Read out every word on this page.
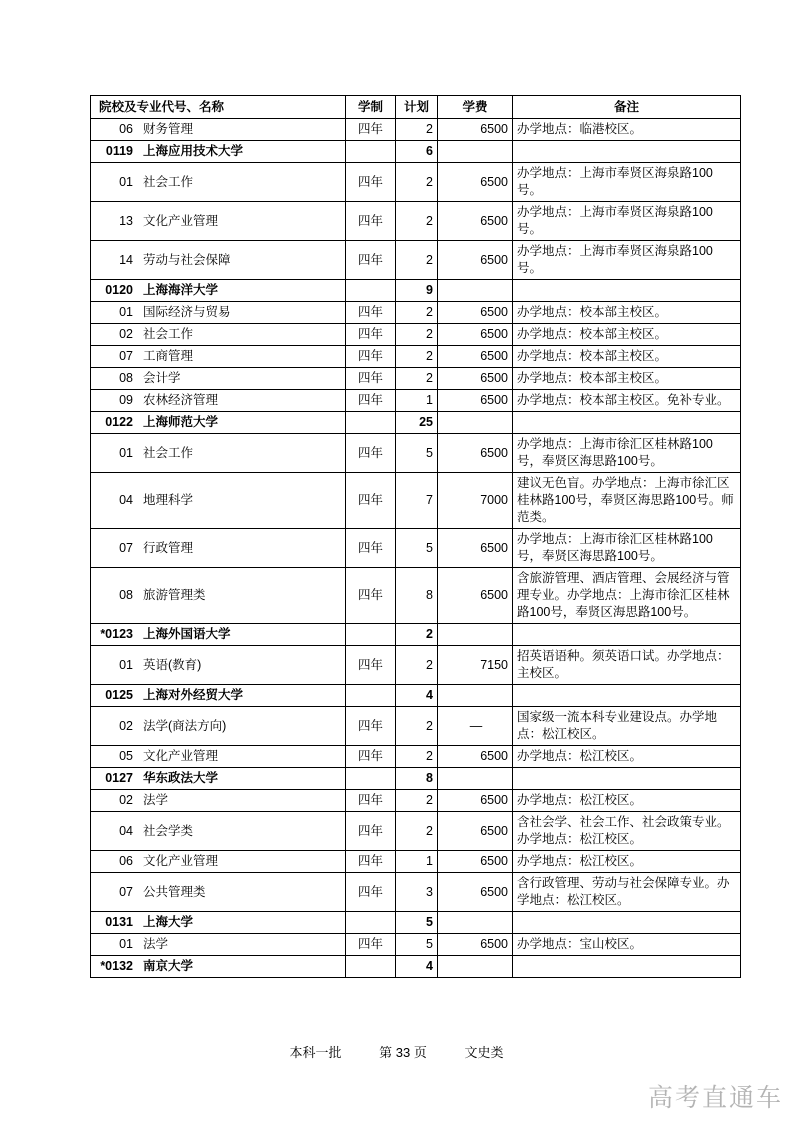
院校及专业代号、名称	学制	计划	学费	备注
06 财务管理	四年	2	6500	办学地点：临港校区。
0119 上海应用技术大学		6		
01 社会工作	四年	2	6500	办学地点：上海市奉贤区海泉路100号。
13 文化产业管理	四年	2	6500	办学地点：上海市奉贤区海泉路100号。
14 劳动与社会保障	四年	2	6500	办学地点：上海市奉贤区海泉路100号。
0120 上海海洋大学		9		
01 国际经济与贸易	四年	2	6500	办学地点：校本部主校区。
02 社会工作	四年	2	6500	办学地点：校本部主校区。
07 工商管理	四年	2	6500	办学地点：校本部主校区。
08 会计学	四年	2	6500	办学地点：校本部主校区。
09 农林经济管理	四年	1	6500	办学地点：校本部主校区。免补专业。
0122 上海师范大学		25		
01 社会工作	四年	5	6500	办学地点：上海市徐汇区桂林路100号，奉贤区海思路100号。
04 地理科学	四年	7	7000	建议无色盲。办学地点：上海市徐汇区桂林路100号，奉贤区海思路100号。师范类。
07 行政管理	四年	5	6500	办学地点：上海市徐汇区桂林路100号，奉贤区海思路100号。
08 旅游管理类	四年	8	6500	含旅游管理、酒店管理、会展经济与管理专业。办学地点：上海市徐汇区桂林路100号，奉贤区海思路100号。
*0123 上海外国语大学		2		
01 英语(教育)	四年	2	7150	招英语语种。须英语口试。办学地点：主校区。
0125 上海对外经贸大学		4		
02 法学(商法方向)	四年	2	—	国家级一流本科专业建设点。办学地点：松江校区。
05 文化产业管理	四年	2	6500	办学地点：松江校区。
0127 华东政法大学		8		
02 法学	四年	2	6500	办学地点：松江校区。
04 社会学类	四年	2	6500	含社会学、社会工作、社会政策专业。办学地点：松江校区。
06 文化产业管理	四年	1	6500	办学地点：松江校区。
07 公共管理类	四年	3	6500	含行政管理、劳动与社会保障专业。办学地点：松江校区。
0131 上海大学		5		
01 法学	四年	5	6500	办学地点：宝山校区。
*0132 南京大学		4		
本科一批	第 33 页	文史类
高考直通车
